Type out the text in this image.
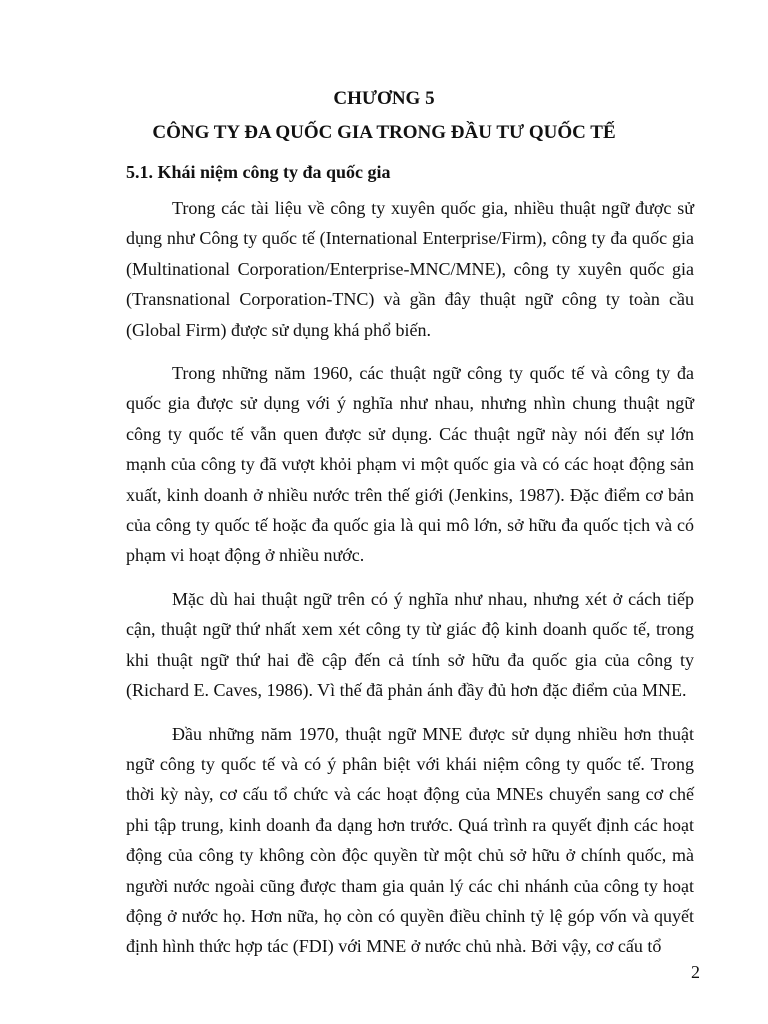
CHƯƠNG 5
CÔNG TY ĐA QUỐC GIA TRONG ĐẦU TƯ QUỐC TẾ
5.1. Khái niệm công ty đa quốc gia

Trong các tài liệu về công ty xuyên quốc gia, nhiều thuật ngữ được sử dụng như Công ty quốc tế (International Enterprise/Firm), công ty đa quốc gia (Multinational Corporation/Enterprise-MNC/MNE), công ty xuyên quốc gia (Transnational Corporation-TNC) và gần đây thuật ngữ công ty toàn cầu (Global Firm) được sử dụng khá phổ biến.

Trong những năm 1960, các thuật ngữ công ty quốc tế và công ty đa quốc gia được sử dụng với ý nghĩa như nhau, nhưng nhìn chung thuật ngữ công ty quốc tế vẫn quen được sử dụng. Các thuật ngữ này nói đến sự lớn mạnh của công ty đã vượt khỏi phạm vi một quốc gia và có các hoạt động sản xuất, kinh doanh ở nhiều nước trên thế giới (Jenkins, 1987). Đặc điểm cơ bản của công ty quốc tế hoặc đa quốc gia là qui mô lớn, sở hữu đa quốc tịch và có phạm vi hoạt động ở nhiều nước.

Mặc dù hai thuật ngữ trên có ý nghĩa như nhau, nhưng xét ở cách tiếp cận, thuật ngữ thứ nhất xem xét công ty từ giác độ kinh doanh quốc tế, trong khi thuật ngữ thứ hai đề cập đến cả tính sở hữu đa quốc gia của công ty (Richard E. Caves, 1986). Vì thế đã phản ánh đầy đủ hơn đặc điểm của MNE.

Đầu những năm 1970, thuật ngữ MNE được sử dụng nhiều hơn thuật ngữ công ty quốc tế và có ý phân biệt với khái niệm công ty quốc tế. Trong thời kỳ này, cơ cấu tổ chức và các hoạt động của MNEs chuyển sang cơ chế phi tập trung, kinh doanh đa dạng hơn trước. Quá trình ra quyết định các hoạt động của công ty không còn độc quyền từ một chủ sở hữu ở chính quốc, mà người nước ngoài cũng được tham gia quản lý các chi nhánh của công ty hoạt động ở nước họ. Hơn nữa, họ còn có quyền điều chỉnh tỷ lệ góp vốn và quyết định hình thức hợp tác (FDI) với MNE ở nước chủ nhà. Bởi vậy, cơ cấu tổ

2
